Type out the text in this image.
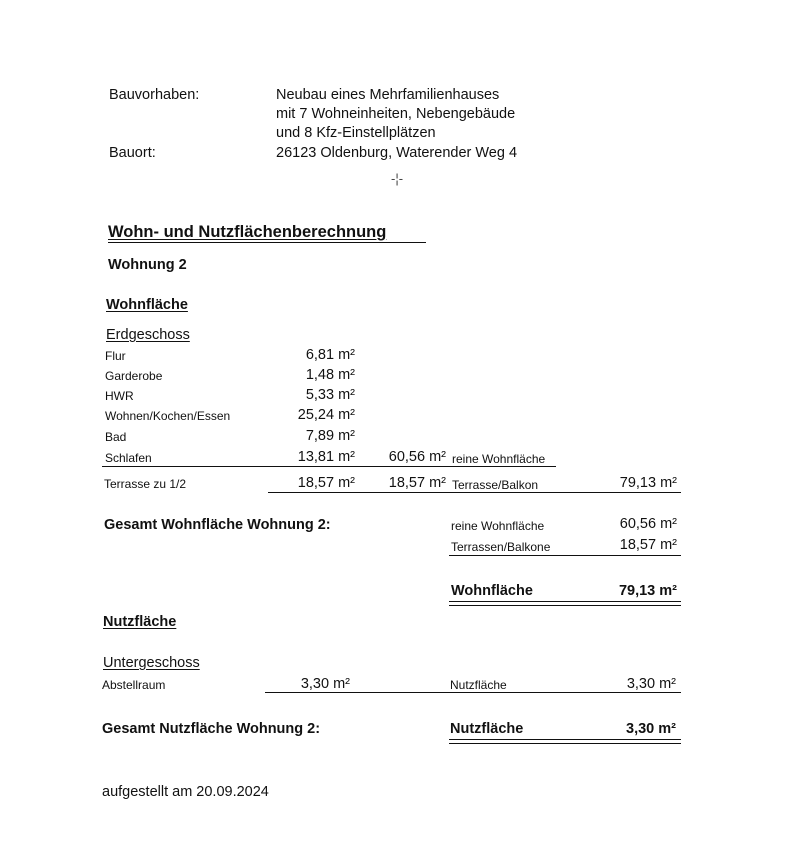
Bauvorhaben:	Neubau eines Mehrfamilienhauses
mit 7 Wohneinheiten, Nebengebäude
und 8 Kfz-Einstellplätzen
Bauort:	26123 Oldenburg, Waterender Weg 4
-¦-
Wohn- und Nutzflächenberechnung
Wohnung 2
Wohnfläche
Erdgeschoss
Flur	6,81 m²
Garderobe	1,48 m²
HWR	5,33 m²
Wohnen/Kochen/Essen	25,24 m²
Bad	7,89 m²
Schlafen	13,81 m²	60,56 m² reine Wohnfläche
Terrasse zu 1/2	18,57 m²	18,57 m² Terrasse/Balkon	79,13 m²
Gesamt Wohnfläche Wohnung 2:	reine Wohnfläche	60,56 m²
Terrassen/Balkone	18,57 m²
Wohnfläche	79,13 m²
Nutzfläche
Untergeschoss
Abstellraum	3,30 m²	Nutzfläche	3,30 m²
Gesamt Nutzfläche Wohnung 2:	Nutzfläche	3,30 m²
aufgestellt am 20.09.2024
